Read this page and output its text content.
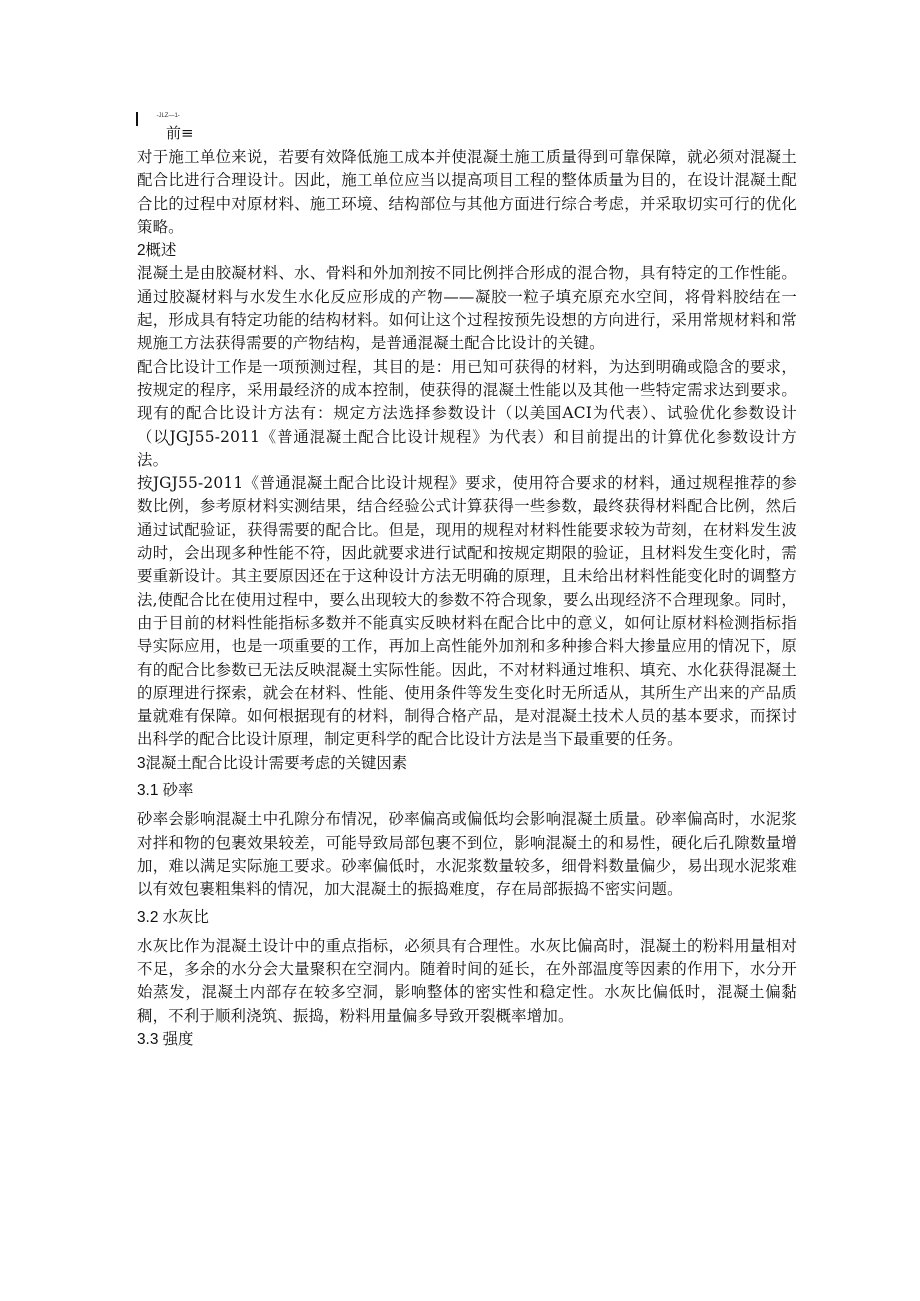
-JLZ—1-
前≡

对于施工单位来说，若要有效降低施工成本并使混凝土施工质量得到可靠保障，就必须对混凝土配合比进行合理设计。因此，施工单位应当以提高项目工程的整体质量为目的，在设计混凝土配合比的过程中对原材料、施工环境、结构部位与其他方面进行综合考虑，并采取切实可行的优化策略。

2概述

混凝土是由胶凝材料、水、骨料和外加剂按不同比例拌合形成的混合物，具有特定的工作性能。通过胶凝材料与水发生水化反应形成的产物——凝胶一粒子填充原充水空间，将骨料胶结在一起，形成具有特定功能的结构材料。如何让这个过程按预先设想的方向进行，采用常规材料和常规施工方法获得需要的产物结构，是普通混凝土配合比设计的关键。

配合比设计工作是一项预测过程，其目的是：用已知可获得的材料，为达到明确或隐含的要求，按规定的程序，采用最经济的成本控制，使获得的混凝土性能以及其他一些特定需求达到要求。现有的配合比设计方法有：规定方法选择参数设计（以美国ACI为代表）、试验优化参数设计（以JGJ55-2011《普通混凝土配合比设计规程》为代表）和目前提出的计算优化参数设计方法。

按JGJ55-2011《普通混凝土配合比设计规程》要求，使用符合要求的材料，通过规程推荐的参数比例，参考原材料实测结果，结合经验公式计算获得一些参数，最终获得材料配合比例，然后通过试配验证，获得需要的配合比。但是，现用的规程对材料性能要求较为苛刻，在材料发生波动时，会出现多种性能不符，因此就要求进行试配和按规定期限的验证，且材料发生变化时，需要重新设计。其主要原因还在于这种设计方法无明确的原理，且未给出材料性能变化时的调整方法,使配合比在使用过程中，要么出现较大的参数不符合现象，要么出现经济不合理现象。同时，由于目前的材料性能指标多数并不能真实反映材料在配合比中的意义，如何让原材料检测指标指导实际应用，也是一项重要的工作，再加上高性能外加剂和多种掺合料大掺量应用的情况下，原有的配合比参数已无法反映混凝土实际性能。因此，不对材料通过堆积、填充、水化获得混凝土的原理进行探索，就会在材料、性能、使用条件等发生变化时无所适从，其所生产出来的产品质量就难有保障。如何根据现有的材料，制得合格产品，是对混凝土技术人员的基本要求，而探讨出科学的配合比设计原理，制定更科学的配合比设计方法是当下最重要的任务。

3混凝土配合比设计需要考虑的关键因素

3.1 砂率

砂率会影响混凝土中孔隙分布情况，砂率偏高或偏低均会影响混凝土质量。砂率偏高时，水泥浆对拌和物的包裹效果较差，可能导致局部包裹不到位，影响混凝土的和易性，硬化后孔隙数量增加，难以满足实际施工要求。砂率偏低时，水泥浆数量较多，细骨料数量偏少，易出现水泥浆难以有效包裹粗集料的情况，加大混凝土的振捣难度，存在局部振捣不密实问题。

3.2 水灰比

水灰比作为混凝土设计中的重点指标，必须具有合理性。水灰比偏高时，混凝土的粉料用量相对不足，多余的水分会大量聚积在空洞内。随着时间的延长，在外部温度等因素的作用下，水分开始蒸发，混凝土内部存在较多空洞，影响整体的密实性和稳定性。水灰比偏低时，混凝土偏黏稠，不利于顺利浇筑、振捣，粉料用量偏多导致开裂概率增加。

3.3 强度
